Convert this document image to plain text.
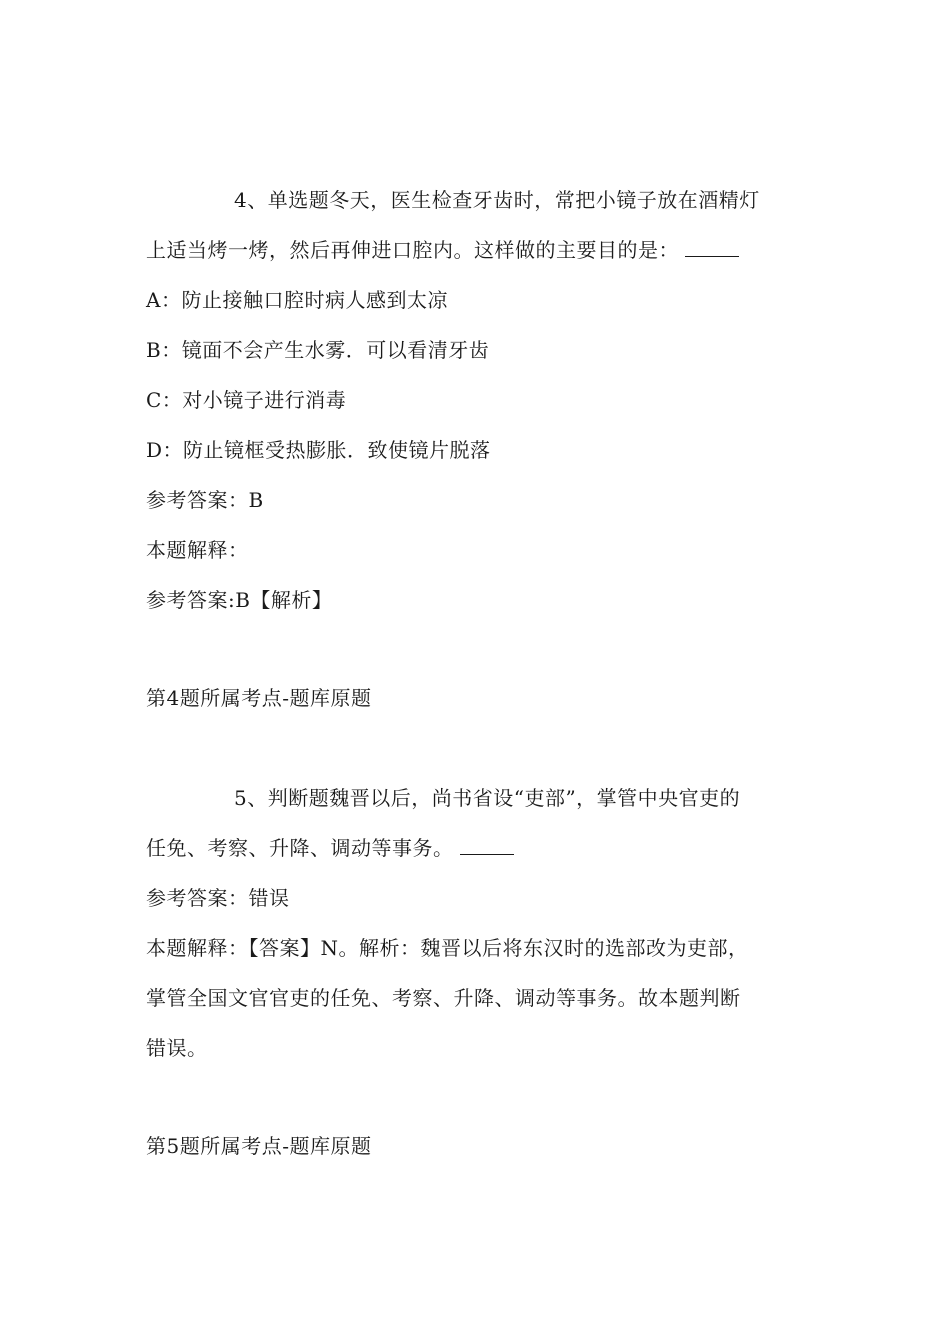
4、单选题冬天，医生检查牙齿时，常把小镜子放在酒精灯
上适当烤一烤，然后再伸进口腔内。这样做的主要目的是：
A：防止接触口腔时病人感到太凉
B：镜面不会产生水雾．可以看清牙齿
C：对小镜子进行消毒
D：防止镜框受热膨胀．致使镜片脱落
参考答案：B
本题解释：
参考答案:B【解析】
第4题所属考点-题库原题
5、判断题魏晋以后，尚书省设“吏部”，掌管中央官吏的
任免、考察、升降、调动等事务。
参考答案：错误
本题解释：【答案】N。解析：魏晋以后将东汉时的选部改为吏部，
掌管全国文官官吏的任免、考察、升降、调动等事务。故本题判断
错误。
第5题所属考点-题库原题
